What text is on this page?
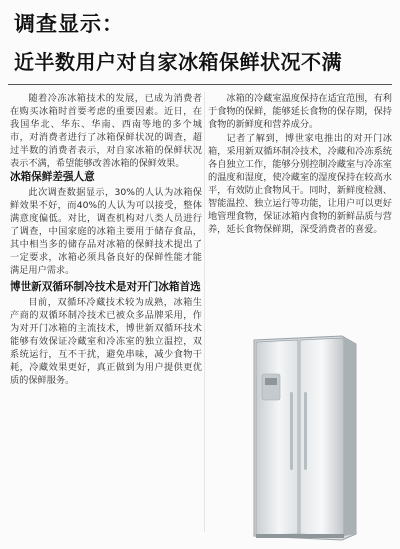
调查显示：
近半数用户对自家冰箱保鲜状况不满

随着冷冻冰箱技术的发展，已成为消费者在购买冰箱时首要考虑的重要因素。近日，在我国华北、华东、华南、西南等地的多个城市，对消费者进行了冰箱保鲜状况的调查，超过半数的消费者表示，对自家冰箱的保鲜状况表示不满，希望能够改善冰箱的保鲜效果。

冰箱保鲜差强人意

此次调查数据显示，30%的人认为冰箱保鲜效果不好，而40%的人认为可以接受，整体满意度偏低。对比，调查机构对八类人员进行了调查，中国家庭的冰箱主要用于储存食品，其中相当多的储存品对冰箱的保鲜技术提出了一定要求，冰箱必须具备良好的保鲜性能才能满足用户需求。

博世新双循环制冷技术是对开门冰箱首选

目前，双循环冷藏技术较为成熟，冰箱生产商的双循环制冷技术已被众多品牌采用，作为对开门冰箱的主流技术，博世新双循环技术能够有效保证冷藏室和冷冻室的独立温控，双系统运行，互不干扰，避免串味，减少食物干耗，冷藏效果更好，真正做到为用户提供更优质的保鲜服务。

冰箱的冷藏室温度保持在适宜范围，有利于食物的保鲜，能够延长食物的保存期，保持食物的新鲜度和营养成分。

记者了解到，博世家电推出的对开门冰箱，采用新双循环制冷技术，冷藏和冷冻系统各自独立工作，能够分别控制冷藏室与冷冻室的温度和湿度，使冷藏室的湿度保持在较高水平，有效防止食物风干。同时，新鲜度检测、智能温控、独立运行等功能，让用户可以更好地管理食物，保证冰箱内食物的新鲜品质与营养，延长食物保鲜期，深受消费者的喜爱。
